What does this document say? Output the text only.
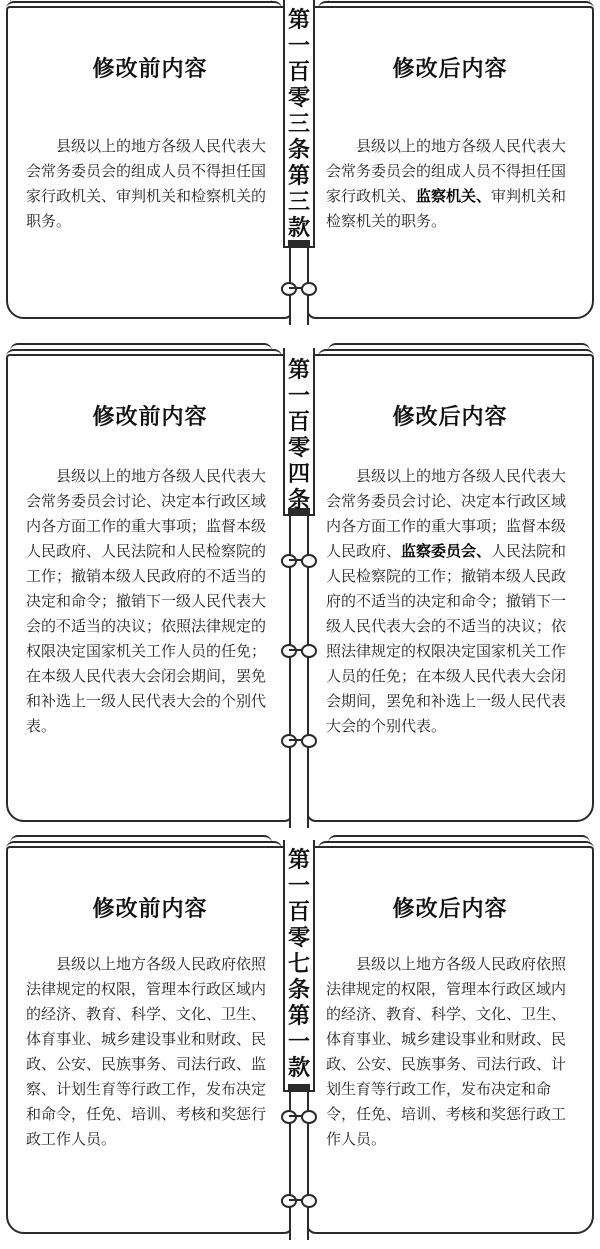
修改前内容

县级以上的地方各级人民代表大会常务委员会的组成人员不得担任国家行政机关、审判机关和检察机关的职务。

修改后内容

县级以上的地方各级人民代表大会常务委员会的组成人员不得担任国家行政机关、监察机关、审判机关和检察机关的职务。

第
一
百
零
三
条
第
三
款
修改前内容

县级以上的地方各级人民代表大会常务委员会讨论、决定本行政区域内各方面工作的重大事项；监督本级人民政府、人民法院和人民检察院的工作；撤销本级人民政府的不适当的决定和命令；撤销下一级人民代表大会的不适当的决议；依照法律规定的权限决定国家机关工作人员的任免；在本级人民代表大会闭会期间，罢免和补选上一级人民代表大会的个别代表。

修改后内容

县级以上的地方各级人民代表大会常务委员会讨论、决定本行政区域内各方面工作的重大事项；监督本级人民政府、监察委员会、人民法院和人民检察院的工作；撤销本级人民政府的不适当的决定和命令；撤销下一级人民代表大会的不适当的决议；依照法律规定的权限决定国家机关工作人员的任免；在本级人民代表大会闭会期间，罢免和补选上一级人民代表大会的个别代表。

第
一
百
零
四
条
修改前内容

县级以上地方各级人民政府依照法律规定的权限，管理本行政区域内的经济、教育、科学、文化、卫生、体育事业、城乡建设事业和财政、民政、公安、民族事务、司法行政、监察、计划生育等行政工作，发布决定和命令，任免、培训、考核和奖惩行政工作人员。

修改后内容

县级以上地方各级人民政府依照法律规定的权限，管理本行政区域内的经济、教育、科学、文化、卫生、体育事业、城乡建设事业和财政、民政、公安、民族事务、司法行政、计划生育等行政工作，发布决定和命令，任免、培训、考核和奖惩行政工作人员。

第
一
百
零
七
条
第
一
款
